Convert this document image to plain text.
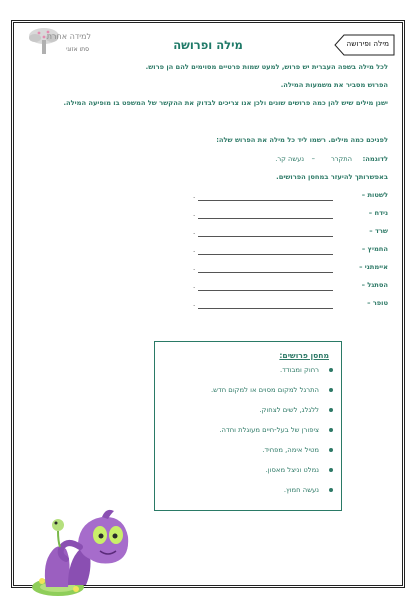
מילה ופירושה
מילה ופרושה
למידה אחרת
סתו אזוגי
לכל מילה בשפה העברית יש פרוש, למעט שמות פרטיים מסוימים להם הן פרוש.
הפרוש מסביר את משמעות המילה.
ישנן מילים שיש להן כמה פרושים שונים ולכן אנו צריכים לבדוק את ההקשר של המשפט בו מופיעה המילה.
לפניכם כמה מילים. רשמו ליד כל מילה את הפרוש שלה:
לדוגמה:
התקרר
–
נעשה קר.
באפשרותך להיעזר במחסן הפרושים.
לשטות –
.
נידח –
.
שרד –
.
החמיץ –
.
איימתני –
.
הסתגל –
.
טופר –
.
מחסן פרושים:
רחוק ומבודד.
התרגל למקום מסוים או למקום חדש.
ללגלג, לשים לצחוק.
ציפורן של בעל-חיים מעוגלת וחדה.
מטיל אימה, מפחיד.
נמלט וניצל מאסון.
נעשה חמוץ.
